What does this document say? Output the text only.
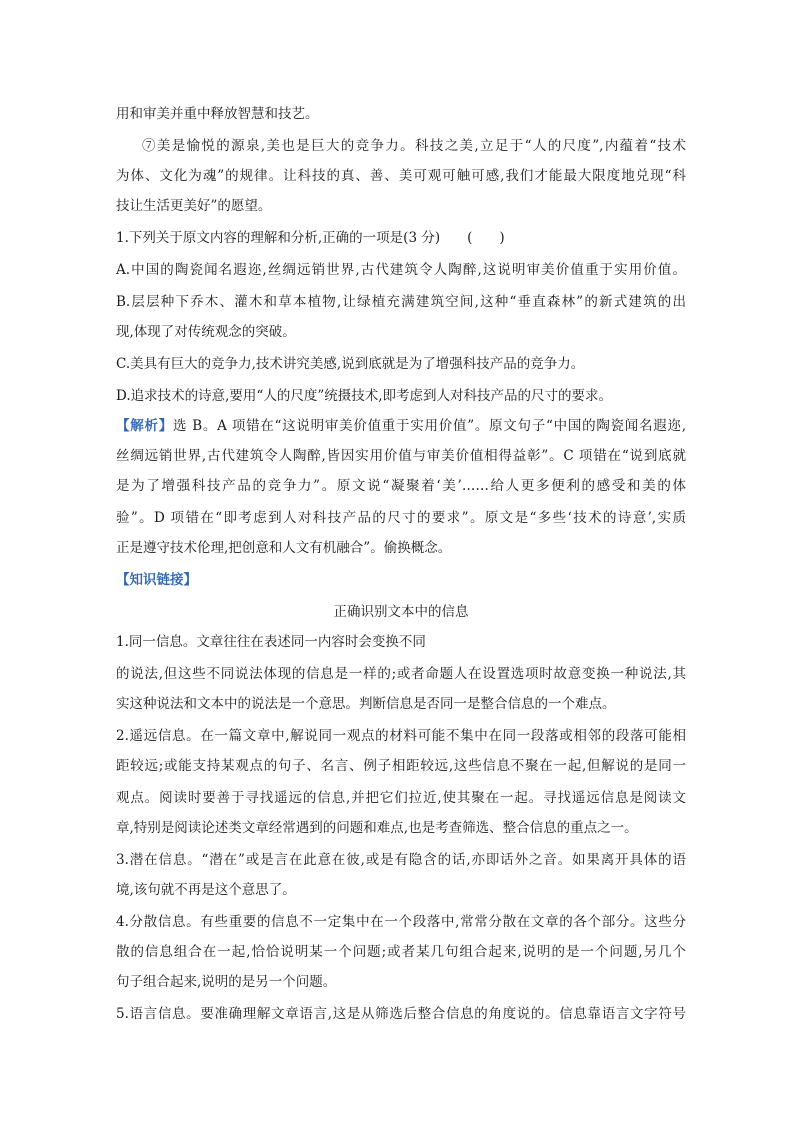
用和审美并重中释放智慧和技艺。
⑦美是愉悦的源泉,美也是巨大的竞争力。科技之美,立足于“人的尺度”,内蕴着“技术
为体、文化为魂”的规律。让科技的真、善、美可观可触可感,我们才能最大限度地兑现“科
技让生活更美好”的愿望。
1.下列关于原文内容的理解和分析,正确的一项是(3 分)　　(　　)
A.中国的陶瓷闻名遐迩,丝绸远销世界,古代建筑令人陶醉,这说明审美价值重于实用价值。
B.层层种下乔木、灌木和草本植物,让绿植充满建筑空间,这种“垂直森林”的新式建筑的出
现,体现了对传统观念的突破。
C.美具有巨大的竞争力,技术讲究美感,说到底就是为了增强科技产品的竞争力。
D.追求技术的诗意,要用“人的尺度”统摄技术,即考虑到人对科技产品的尺寸的要求。
【解析】选 B。A 项错在“这说明审美价值重于实用价值”。原文句子“中国的陶瓷闻名遐迩,
丝绸远销世界,古代建筑令人陶醉,皆因实用价值与审美价值相得益彰”。C 项错在“说到底就
是为了增强科技产品的竞争力”。原文说“凝聚着‘美’……给人更多便利的感受和美的体
验”。D 项错在“即考虑到人对科技产品的尺寸的要求”。原文是“多些‘技术的诗意’,实质
正是遵守技术伦理,把创意和人文有机融合”。偷换概念。
【知识链接】
正确识别文本中的信息
1.同一信息。文章往往在表述同一内容时会变换不同
的说法,但这些不同说法体现的信息是一样的;或者命题人在设置选项时故意变换一种说法,其
实这种说法和文本中的说法是一个意思。判断信息是否同一是整合信息的一个难点。
2.遥远信息。在一篇文章中,解说同一观点的材料可能不集中在同一段落或相邻的段落可能相
距较远;或能支持某观点的句子、名言、例子相距较远,这些信息不聚在一起,但解说的是同一
观点。阅读时要善于寻找遥远的信息,并把它们拉近,使其聚在一起。寻找遥远信息是阅读文
章,特别是阅读论述类文章经常遇到的问题和难点,也是考查筛选、整合信息的重点之一。
3.潜在信息。“潜在”或是言在此意在彼,或是有隐含的话,亦即话外之音。如果离开具体的语
境,该句就不再是这个意思了。
4.分散信息。有些重要的信息不一定集中在一个段落中,常常分散在文章的各个部分。这些分
散的信息组合在一起,恰恰说明某一个问题;或者某几句组合起来,说明的是一个问题,另几个
句子组合起来,说明的是另一个问题。
5.语言信息。要准确理解文章语言,这是从筛选后整合信息的角度说的。信息靠语言文字符号
